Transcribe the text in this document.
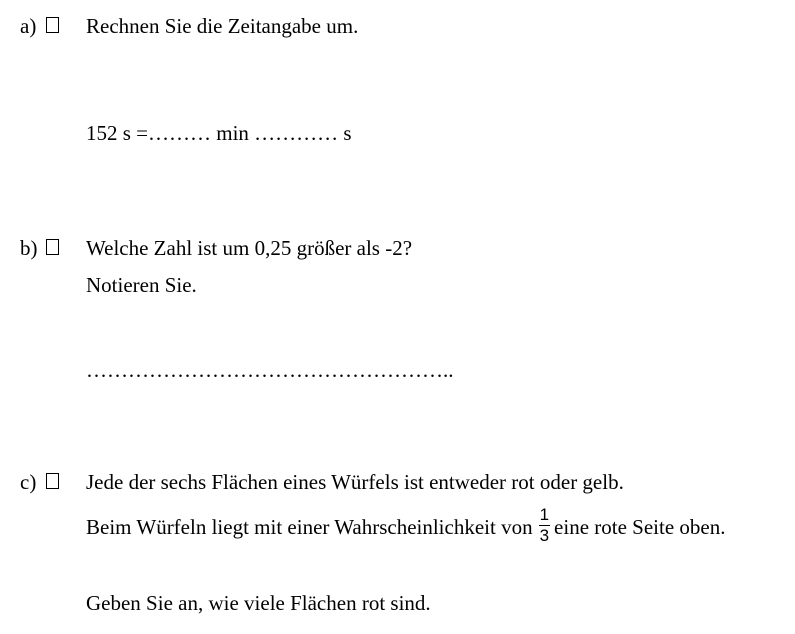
a) Rechnen Sie die Zeitangabe um.
152 s =……… min ………… s
b) Welche Zahl ist um 0,25 größer als -2?
Notieren Sie.
……………………………………………..
c) Jede der sechs Flächen eines Würfels ist entweder rot oder gelb.
Beim Würfeln liegt mit einer Wahrscheinlichkeit von $\frac{1}{3}$ eine rote Seite oben.
Geben Sie an, wie viele Flächen rot sind.
